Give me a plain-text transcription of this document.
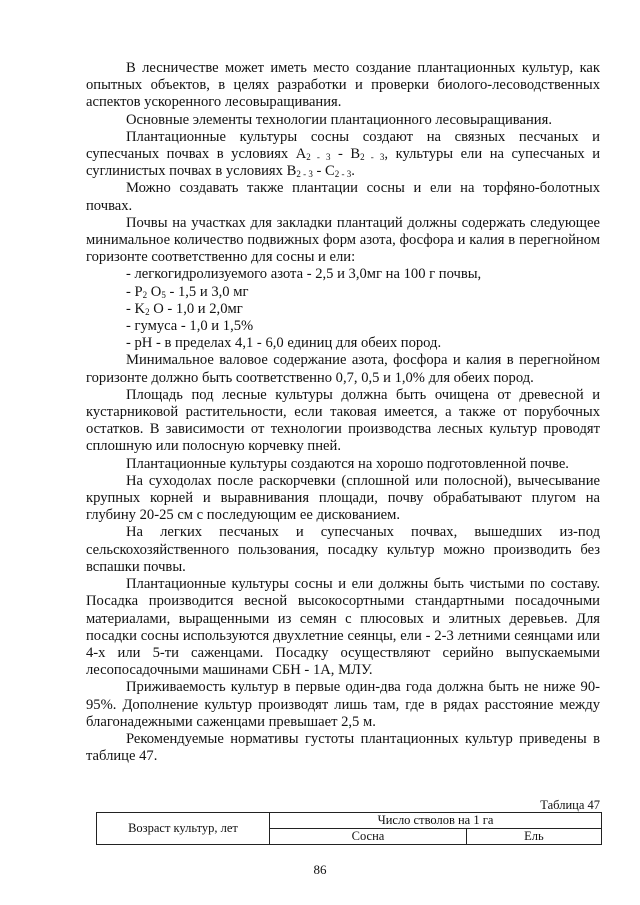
В лесничестве может иметь место создание плантационных культур, как опытных объектов, в целях разработки и проверки биолого-лесоводственных аспектов ускоренного лесовыращивания.

Основные элементы технологии плантационного лесовыращивания.

Плантационные культуры сосны создают на связных песчаных и супесчаных почвах в условиях $А_{2 - 3} - В_{2 - 3}$, культуры ели на супесчаных и суглинистых почвах в условиях $В_{2 - 3} - С_{2 - 3}$.

Можно создавать также плантации сосны и ели на торфяно-болотных почвах.

Почвы на участках для закладки плантаций должны содержать следующее минимальное количество подвижных форм азота, фосфора и калия в перегнойном горизонте соответственно для сосны и ели:

- легкогидролизуемого азота - 2,5 и 3,0мг на 100 г почвы,

- $P_2$ $O_5 - 1,5$ и 3,0 мг

- $K_2$ O - 1,0 и 2,0мг

- гумуса - 1,0 и 1,5%

- pH - в пределах 4,1 - 6,0 единиц для обеих пород.

Минимальное валовое содержание азота, фосфора и калия в перегнойном горизонте должно быть соответственно 0,7, 0,5 и 1,0% для обеих пород.

Площадь под лесные культуры должна быть очищена от древесной и кустарниковой растительности, если таковая имеется, а также от порубочных остатков. В зависимости от технологии производства лесных культур проводят сплошную или полосную корчевку пней.

Плантационные культуры создаются на хорошо подготовленной почве.

На суходолах после раскорчевки (сплошной или полосной), вычесывание крупных корней и выравнивания площади, почву обрабатывают плугом на глубину 20-25 см с последующим ее дискованием.

На легких песчаных и супесчаных почвах, вышедших из-под сельскохозяйственного пользования, посадку культур можно производить без вспашки почвы.

Плантационные культуры сосны и ели должны быть чистыми по составу. Посадка производится весной высокосортными стандартными посадочными материалами, выращенными из семян с плюсовых и элитных деревьев. Для посадки сосны используются двухлетние сеянцы, ели - 2-3 летними сеянцами или 4-х или 5-ти саженцами. Посадку осуществляют серийно выпускаемыми лесопосадочными машинами СБН - 1А, МЛУ.

Приживаемость культур в первые один-два года должна быть не ниже 90-95%. Дополнение культур производят лишь там, где в рядах расстояние между благонадежными саженцами превышает 2,5 м.

Рекомендуемые нормативы густоты плантационных культур приведены в таблице 47.

Таблица 47
Возраст культур, лет	Число стволов на 1 га	
	Сосна	Ель
86
